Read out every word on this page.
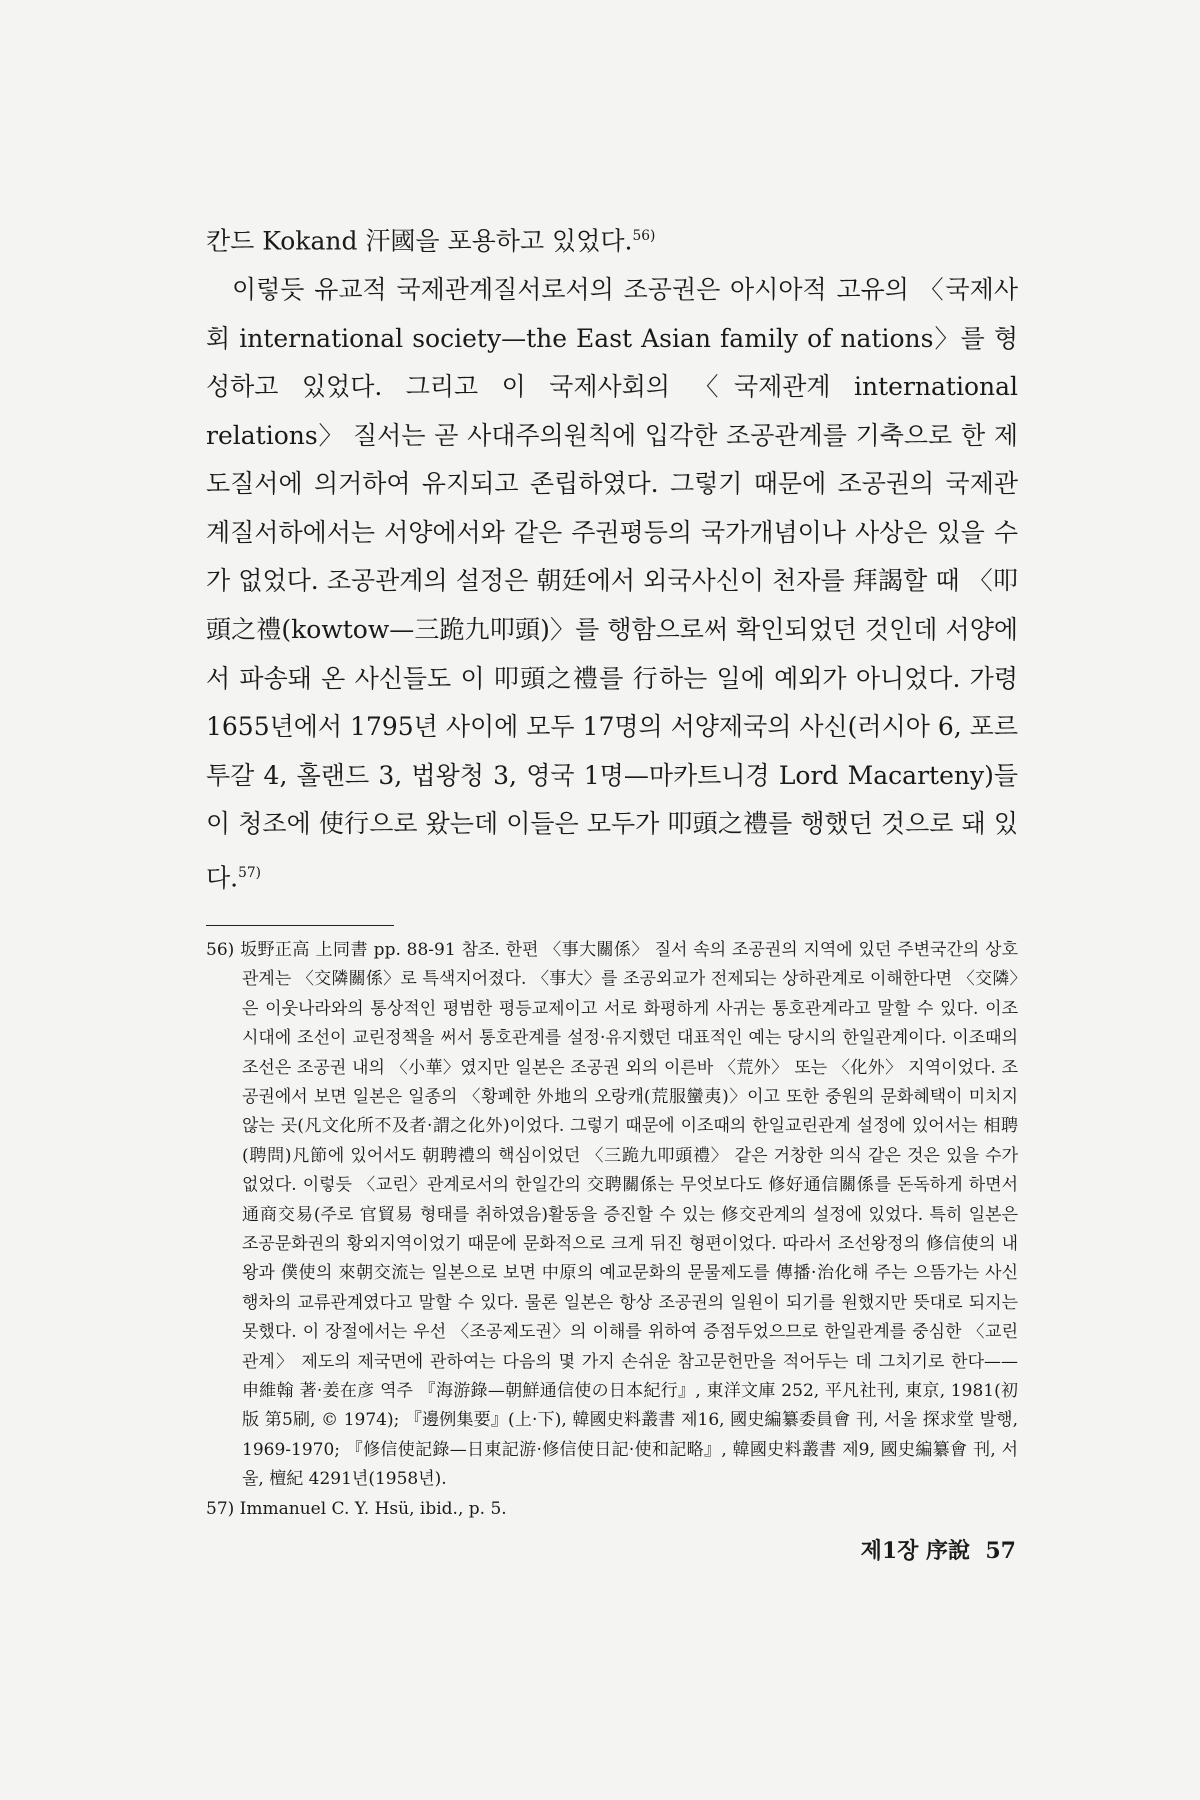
칸드 Kokand 汗國을 포용하고 있었다.$^{56)}$

이렇듯 유교적 국제관계질서로서의 조공권은 아시아적 고유의 〈국제사회 international society—the East Asian family of nations〉를 형성하고 있었다. 그리고 이 국제사회의 〈국제관계 international relations〉 질서는 곧 사대주의원칙에 입각한 조공관계를 기축으로 한 제도질서에 의거하여 유지되고 존립하였다. 그렇기 때문에 조공권의 국제관계질서하에서는 서양에서와 같은 주권평등의 국가개념이나 사상은 있을 수가 없었다. 조공관계의 설정은 朝廷에서 외국사신이 천자를 拜謁할 때 〈叩頭之禮(kowtow—三跪九叩頭)〉를 행함으로써 확인되었던 것인데 서양에서 파송돼 온 사신들도 이 叩頭之禮를 行하는 일에 예외가 아니었다. 가령 1655년에서 1795년 사이에 모두 17명의 서양제국의 사신(러시아 6, 포르투갈 4, 홀랜드 3, 법왕청 3, 영국 1명—마카트니경 Lord Macarteny)들이 청조에 使行으로 왔는데 이들은 모두가 叩頭之禮를 행했던 것으로 돼 있다.$^{57)}$

56) 坂野正高 上同書 pp. 88-91 참조. 한편 〈事大關係〉 질서 속의 조공권의 지역에 있던 주변국간의 상호관계는 〈交隣關係〉로 특색지어졌다. 〈事大〉를 조공외교가 전제되는 상하관계로 이해한다면 〈交隣〉은 이웃나라와의 통상적인 평범한 평등교제이고 서로 화평하게 사귀는 통호관계라고 말할 수 있다. 이조시대에 조선이 교린정책을 써서 통호관계를 설정·유지했던 대표적인 예는 당시의 한일관계이다. 이조때의 조선은 조공권 내의 〈小華〉였지만 일본은 조공권 외의 이른바 〈荒外〉 또는 〈化外〉 지역이었다. 조공권에서 보면 일본은 일종의 〈황폐한 外地의 오랑캐(荒服蠻夷)〉이고 또한 중원의 문화혜택이 미치지 않는 곳(凡文化所不及者·謂之化外)이었다. 그렇기 때문에 이조때의 한일교린관계 설정에 있어서는 相聘(聘問)凡節에 있어서도 朝聘禮의 핵심이었던 〈三跪九叩頭禮〉 같은 거창한 의식 같은 것은 있을 수가 없었다. 이렇듯 〈교린〉관계로서의 한일간의 交聘關係는 무엇보다도 修好通信關係를 돈독하게 하면서 通商交易(주로 官貿易 형태를 취하였음)활동을 증진할 수 있는 修交관계의 설정에 있었다. 특히 일본은 조공문화권의 황외지역이었기 때문에 문화적으로 크게 뒤진 형편이었다. 따라서 조선왕정의 修信使의 내왕과 僕使의 來朝交流는 일본으로 보면 中原의 예교문화의 문물제도를 傳播·治化해 주는 으뜸가는 사신행차의 교류관계였다고 말할 수 있다. 물론 일본은 항상 조공권의 일원이 되기를 원했지만 뜻대로 되지는 못했다. 이 장절에서는 우선 〈조공제도권〉의 이해를 위하여 증점두었으므로 한일관계를 중심한 〈교린관계〉 제도의 제국면에 관하여는 다음의 몇 가지 손쉬운 참고문헌만을 적어두는 데 그치기로 한다—— 申維翰 著·姜在彦 역주 『海游錄—朝鮮通信使の日本紀行』, 東洋文庫 252, 平凡社刊, 東京, 1981(初版 第5刷, © 1974); 『邊例集要』(上·下), 韓國史料叢書 제16, 國史編纂委員會 刊, 서울 探求堂 발행, 1969-1970; 『修信使記錄—日東記游·修信使日記·使和記略』, 韓國史料叢書 제9, 國史編纂會 刊, 서울, 檀紀 4291년(1958년).

57) Immanuel C. Y. Hsü, ibid., p. 5.

제1장 序說 57
